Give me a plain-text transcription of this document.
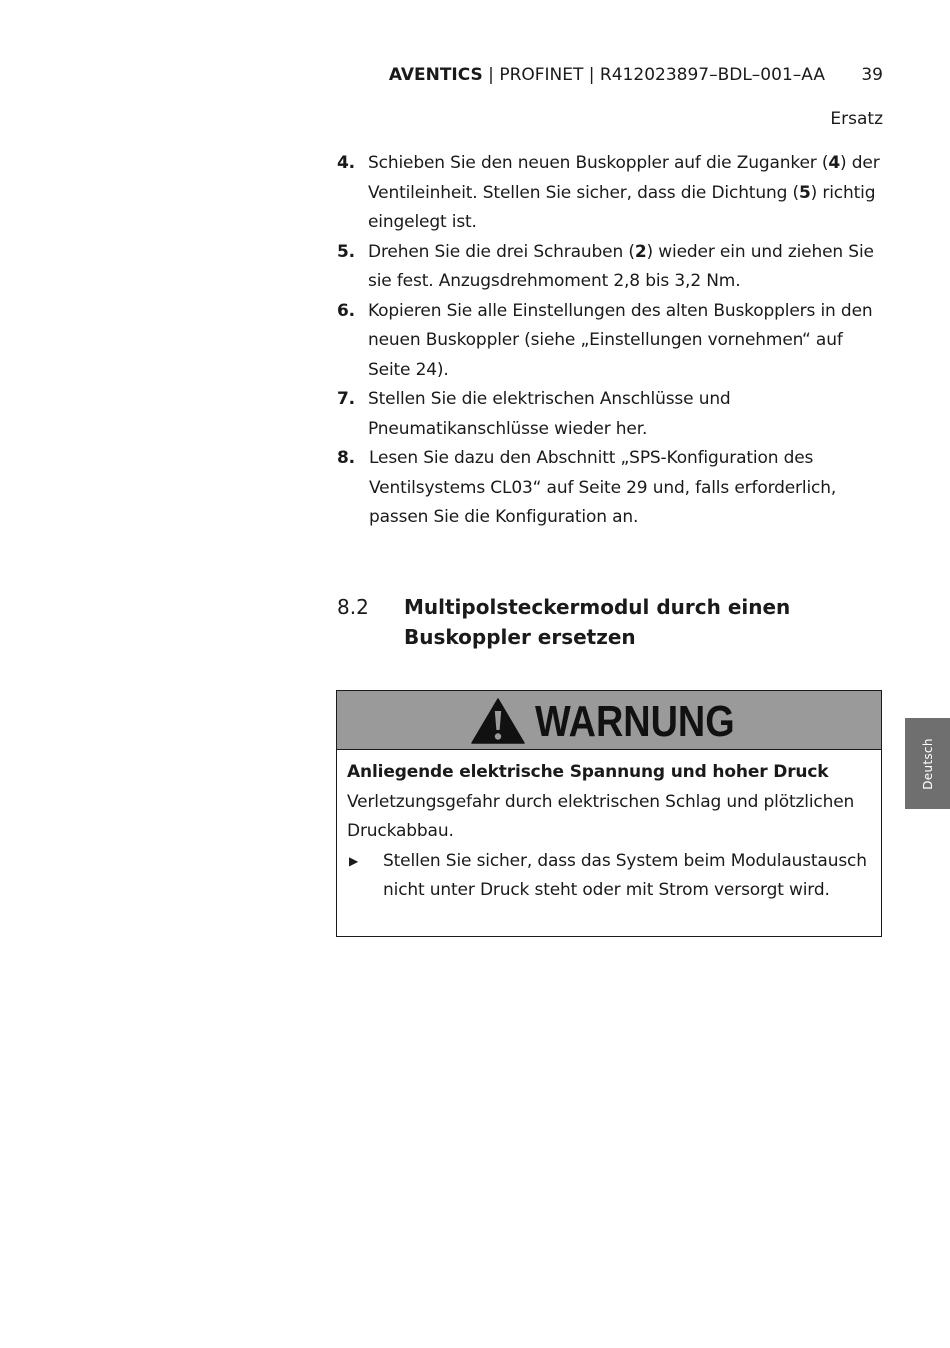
AVENTICS | PROFINET | R412023897–BDL–001–AA 39
Ersatz
4. Schieben Sie den neuen Buskoppler auf die Zuganker (4) der Ventileinheit. Stellen Sie sicher, dass die Dichtung (5) richtig eingelegt ist.
5. Drehen Sie die drei Schrauben (2) wieder ein und ziehen Sie sie fest. Anzugsdrehmoment 2,8 bis 3,2 Nm.
6. Kopieren Sie alle Einstellungen des alten Buskopplers in den neuen Buskoppler (siehe „Einstellungen vornehmen“ auf Seite 24).
7. Stellen Sie die elektrischen Anschlüsse und Pneumatikanschlüsse wieder her.
8. Lesen Sie dazu den Abschnitt „SPS-Konfiguration des Ventilsystems CL03“ auf Seite 29 und, falls erforderlich, passen Sie die Konfiguration an.
8.2	Multipolsteckermodul durch einen Buskoppler ersetzen
WARNUNG
Anliegende elektrische Spannung und hoher Druck
Verletzungsgefahr durch elektrischen Schlag und plötzlichen Druckabbau.
▶ Stellen Sie sicher, dass das System beim Modulaustausch nicht unter Druck steht oder mit Strom versorgt wird.
Deutsch
